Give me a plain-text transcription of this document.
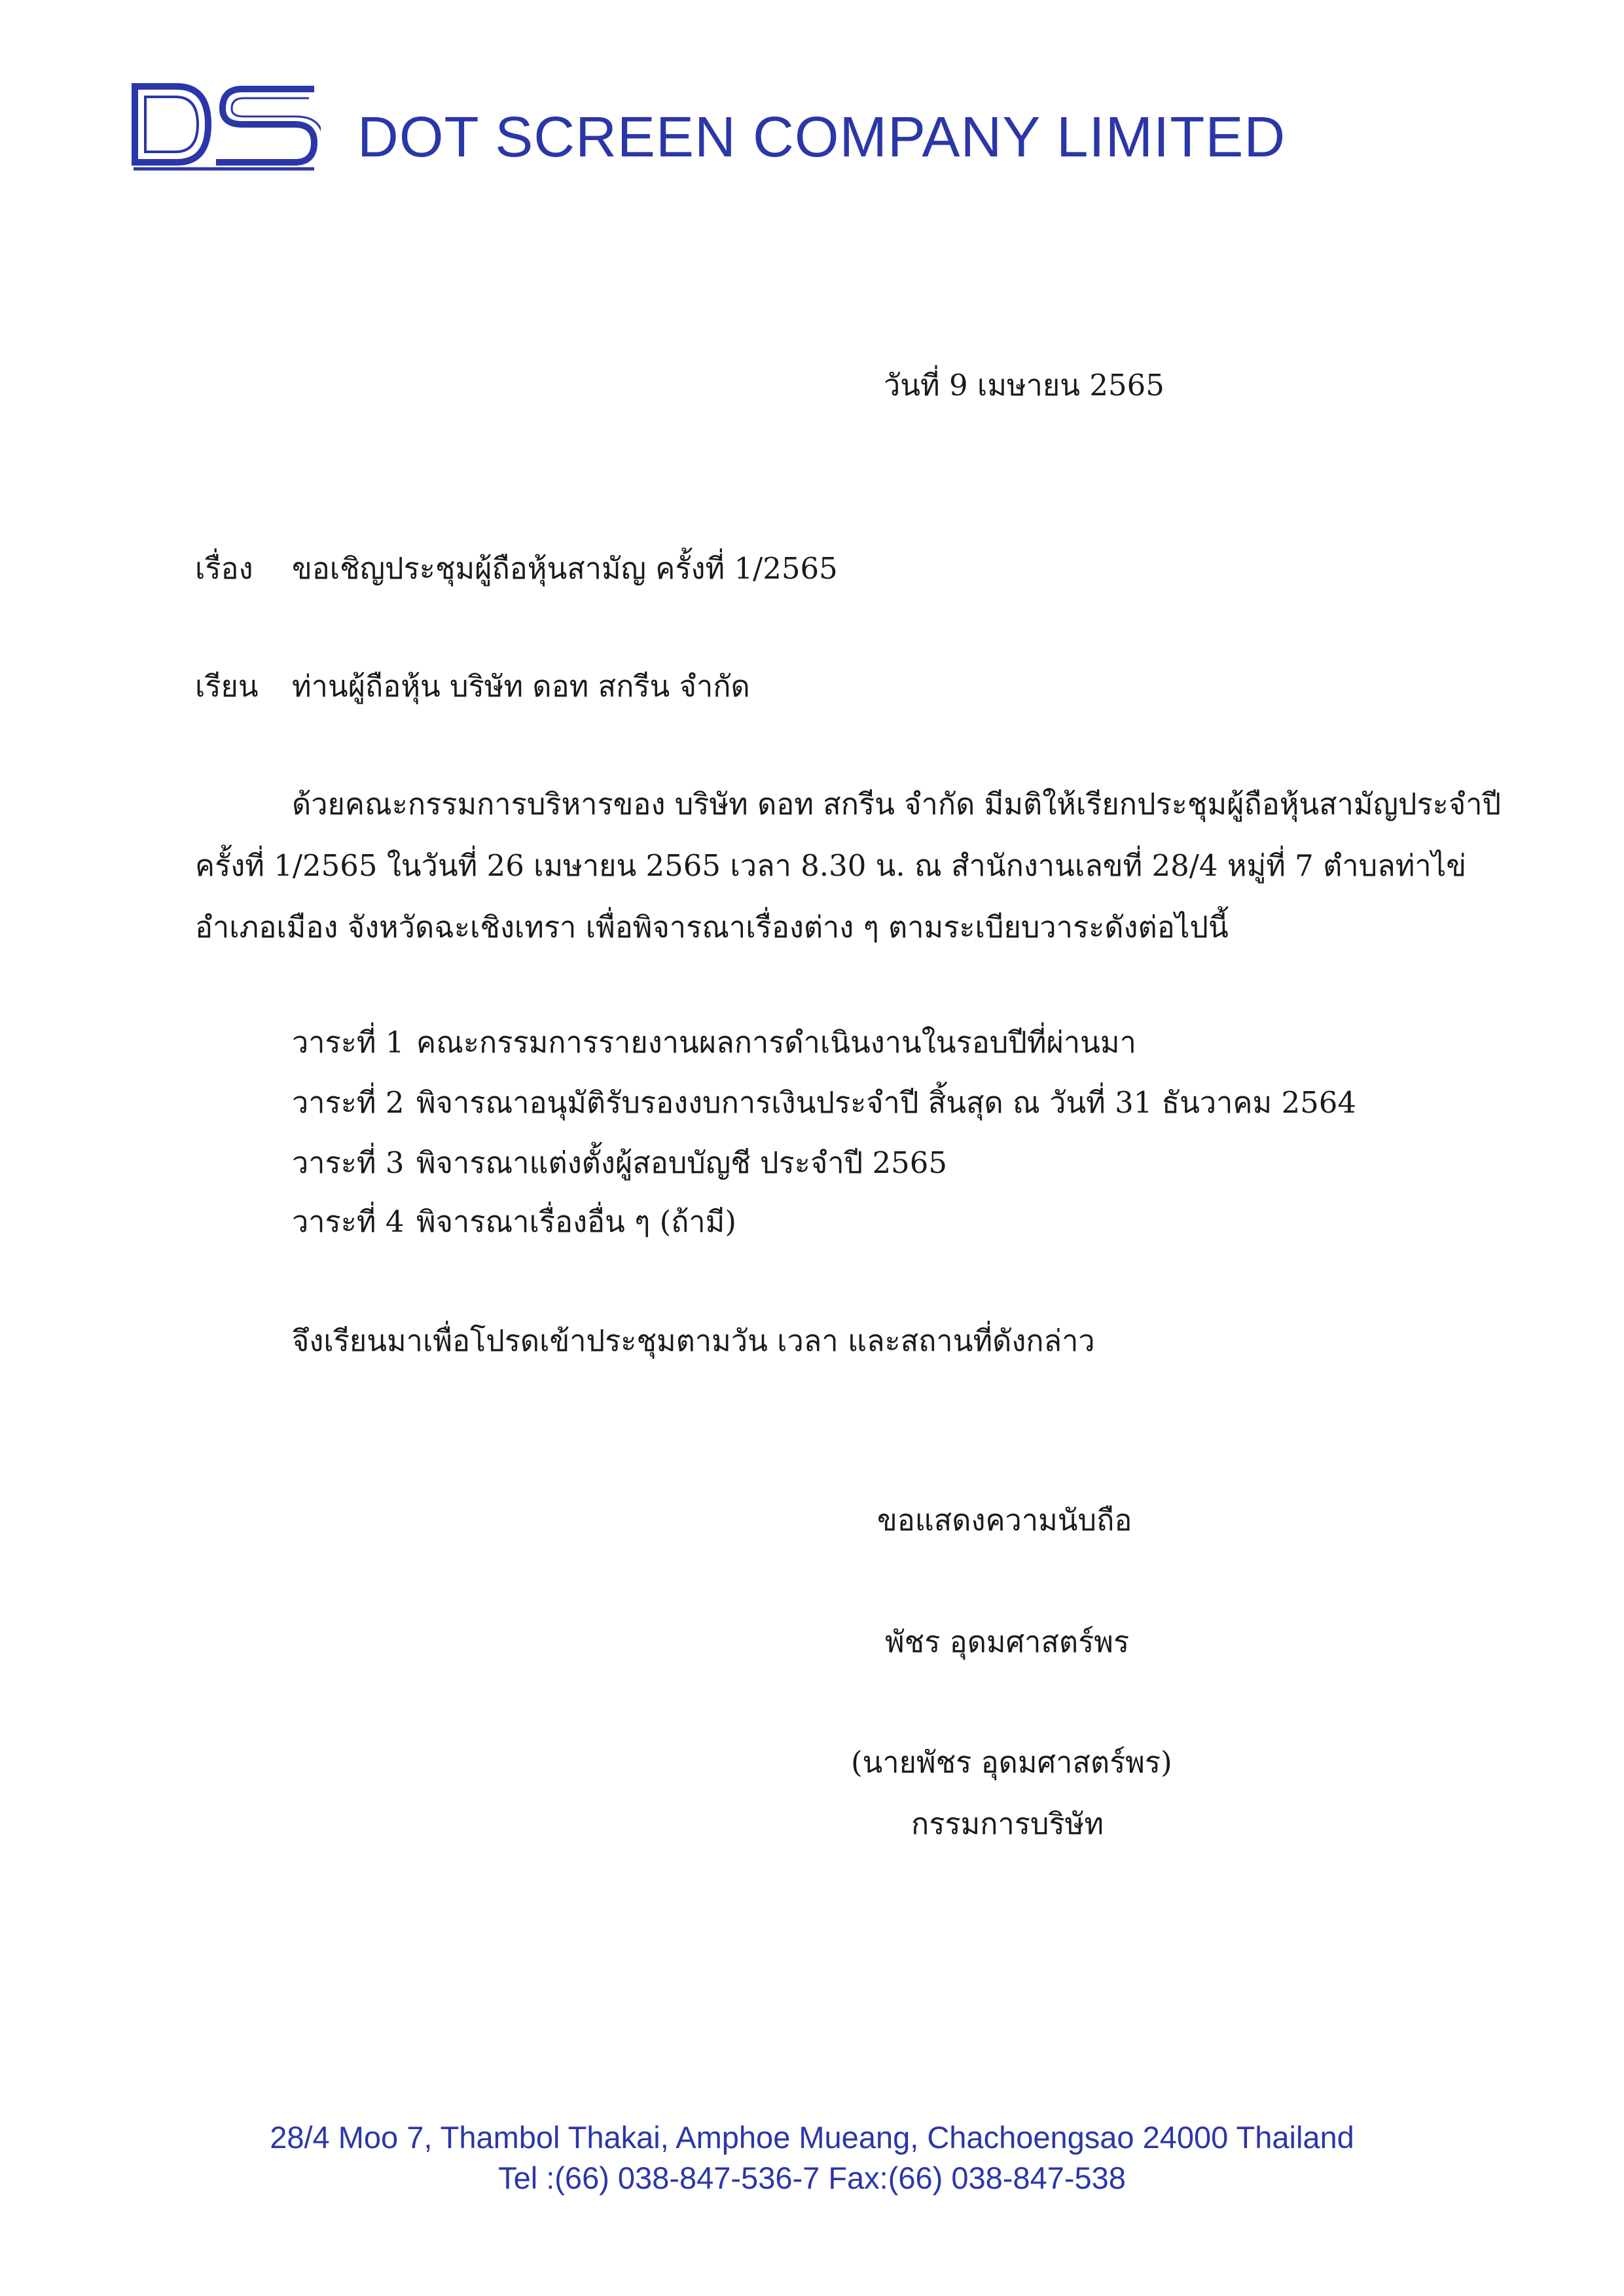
DOT SCREEN COMPANY LIMITED
วันที่ 9 เมษายน 2565
เรื่อง ขอเชิญประชุมผู้ถือหุ้นสามัญ ครั้งที่ 1/2565
เรียน ท่านผู้ถือหุ้น บริษัท ดอท สกรีน จำกัด
ด้วยคณะกรรมการบริหารของ บริษัท ดอท สกรีน จำกัด มีมติให้เรียกประชุมผู้ถือหุ้นสามัญประจำปี
ครั้งที่ 1/2565 ในวันที่ 26 เมษายน 2565 เวลา 8.30 น. ณ สำนักงานเลขที่ 28/4 หมู่ที่ 7 ตำบลท่าไข่
อำเภอเมือง จังหวัดฉะเชิงเทรา เพื่อพิจารณาเรื่องต่าง ๆ ตามระเบียบวาระดังต่อไปนี้
วาระที่ 1 คณะกรรมการรายงานผลการดำเนินงานในรอบปีที่ผ่านมา
วาระที่ 2 พิจารณาอนุมัติรับรองงบการเงินประจำปี สิ้นสุด ณ วันที่ 31 ธันวาคม 2564
วาระที่ 3 พิจารณาแต่งตั้งผู้สอบบัญชี ประจำปี 2565
วาระที่ 4 พิจารณาเรื่องอื่น ๆ (ถ้ามี)
จึงเรียนมาเพื่อโปรดเข้าประชุมตามวัน เวลา และสถานที่ดังกล่าว
ขอแสดงความนับถือ
พัชร อุดมศาสตร์พร
(นายพัชร อุดมศาสตร์พร)
กรรมการบริษัท
28/4 Moo 7, Thambol Thakai, Amphoe Mueang, Chachoengsao 24000 Thailand
Tel :(66) 038-847-536-7 Fax:(66) 038-847-538
